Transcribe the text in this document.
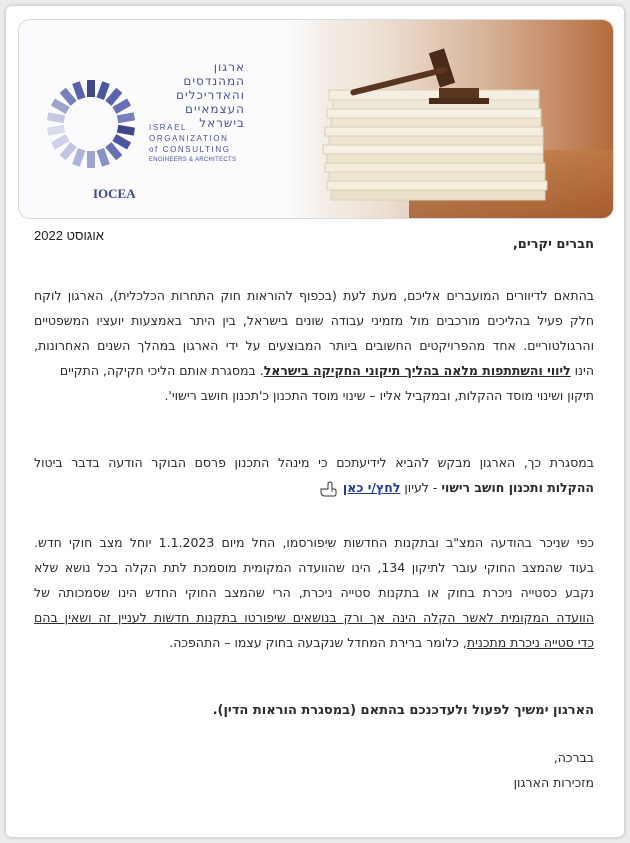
ארגון המהנדסים
והאדריכלים
העצמאיים
בישראל
ISRAEL
ORGANIZATION
of CONSULTING
ENGINEERS & ARCHITECTS
IOCEA
אוגוסט 2022
חברים יקרים,
בהתאם לדיוורים המועברים אליכם, מעת לעת (בכפוף להוראות חוק התחרות הכלכלית), הארגון לוקח
חלק פעיל בהליכים מורכבים מול מזמיני עבודה שונים בישראל, בין היתר באמצעות יועציו המשפטיים
והרגולטוריים. אחד מהפרויקטים החשובים ביותר המבוצעים על ידי הארגון במהלך השנים האחרונות,
הינו ליווי והשתתפות מלאה בהליך תיקוני החקיקה בישראל. במסגרת אותם הליכי חקיקה, התקיים
תיקון ושינוי מוסד ההקלות, ובמקביל אליו – שינוי מוסד התכנון כ'תכנון חושב רישוי'.
במסגרת כך, הארגון מבקש להביא לידיעתכם כי מינהל התכנון פרסם הבוקר הודעה בדבר ביטול
ההקלות ותכנון חושב רישוי - לעיון לחץ/י כאן
כפי שניכר בהודעה המצ"ב ובתקנות החדשות שיפורסמו, החל מיום 1.1.2023 יוחל מצב חוקי חדש.
בעוד שהמצב החוקי עובר לתיקון 134, הינו שהוועדה המקומית מוסמכת לתת הקלה בכל נושא שלא
נקבע כסטייה ניכרת בחוק או בתקנות סטייה ניכרת, הרי שהמצב החוקי החדש הינו שסמכותה של
הוועדה המקומית לאשר הקלה הינה אך ורק בנושאים שיפורטו בתקנות חדשות לעניין זה ושאין בהם
כדי סטייה ניכרת מתכנית, כלומר ברירת המחדל שנקבעה בחוק עצמו – התהפכה.
הארגון ימשיך לפעול ולעדכנכם בהתאם (במסגרת הוראות הדין).
בברכה,
מזכירות הארגון
